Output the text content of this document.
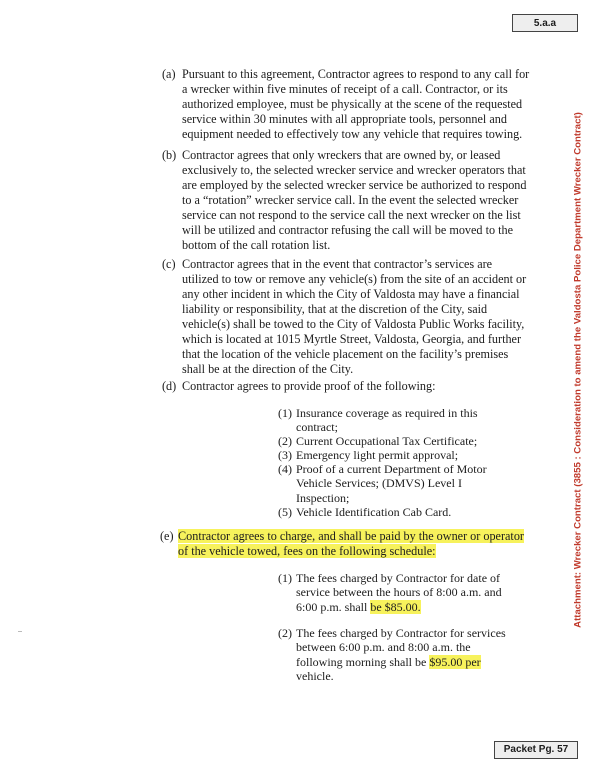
5.a.a
Attachment: Wrecker Contract (3855 : Consideration to amend the Valdosta Police Department Wrecker Contract)
(a) Pursuant to this agreement, Contractor agrees to respond to any call for
a wrecker within five minutes of receipt of a call. Contractor, or its
authorized employee, must be physically at the scene of the requested
service within 30 minutes with all appropriate tools, personnel and
equipment needed to effectively tow any vehicle that requires towing.
(b) Contractor agrees that only wreckers that are owned by, or leased
exclusively to, the selected wrecker service and wrecker operators that
are employed by the selected wrecker service be authorized to respond
to a “rotation” wrecker service call. In the event the selected wrecker
service can not respond to the service call the next wrecker on the list
will be utilized and contractor refusing the call will be moved to the
bottom of the call rotation list.
(c) Contractor agrees that in the event that contractor’s services are
utilized to tow or remove any vehicle(s) from the site of an accident or
any other incident in which the City of Valdosta may have a financial
liability or responsibility, that at the discretion of the City, said
vehicle(s) shall be towed to the City of Valdosta Public Works facility,
which is located at 1015 Myrtle Street, Valdosta, Georgia, and further
that the location of the vehicle placement on the facility’s premises
shall be at the direction of the City.
(d) Contractor agrees to provide proof of the following:
(1) Insurance coverage as required in this
contract;
(2) Current Occupational Tax Certificate;
(3) Emergency light permit approval;
(4) Proof of a current Department of Motor
Vehicle Services; (DMVS) Level I
Inspection;
(5) Vehicle Identification Cab Card.
(e) Contractor agrees to charge, and shall be paid by the owner or operator
of the vehicle towed, fees on the following schedule:
(1) The fees charged by Contractor for date of
service between the hours of 8:00 a.m. and
6:00 p.m. shall be $85.00.
(2) The fees charged by Contractor for services
between 6:00 p.m. and 8:00 a.m. the
following morning shall be $95.00 per
vehicle.
Packet Pg. 57
